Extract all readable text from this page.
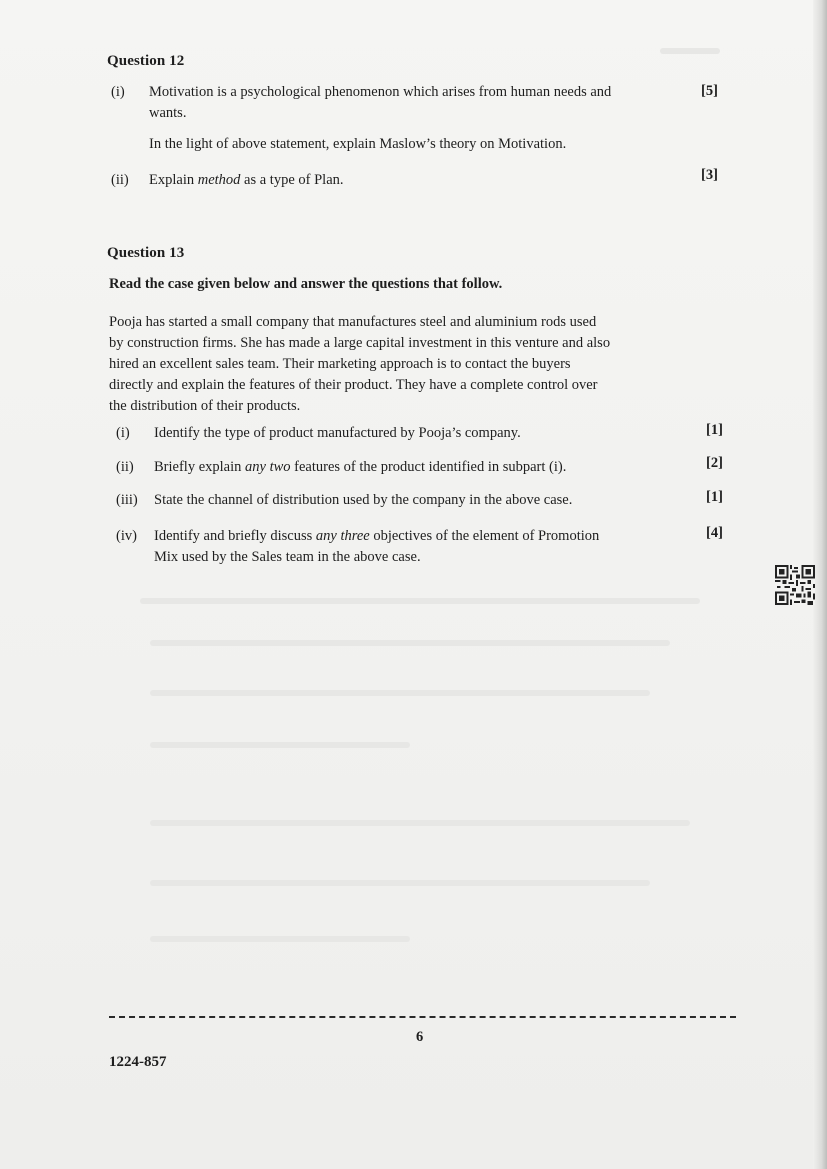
Question 12
(i) Motivation is a psychological phenomenon which arises from human needs and
wants.
In the light of above statement, explain Maslow’s theory on Motivation.
[5]
(ii) Explain method as a type of Plan.	[3]
Question 13
Read the case given below and answer the questions that follow.
Pooja has started a small company that manufactures steel and aluminium rods used
by construction firms. She has made a large capital investment in this venture and also
hired an excellent sales team. Their marketing approach is to contact the buyers
directly and explain the features of their product. They have a complete control over
the distribution of their products.
(i) Identify the type of product manufactured by Pooja’s company.	[1]
(ii) Briefly explain any two features of the product identified in subpart (i).	[2]
(iii) State the channel of distribution used by the company in the above case.	[1]
(iv) Identify and briefly discuss any three objectives of the element of Promotion
Mix used by the Sales team in the above case.
[4]
6
1224-857
